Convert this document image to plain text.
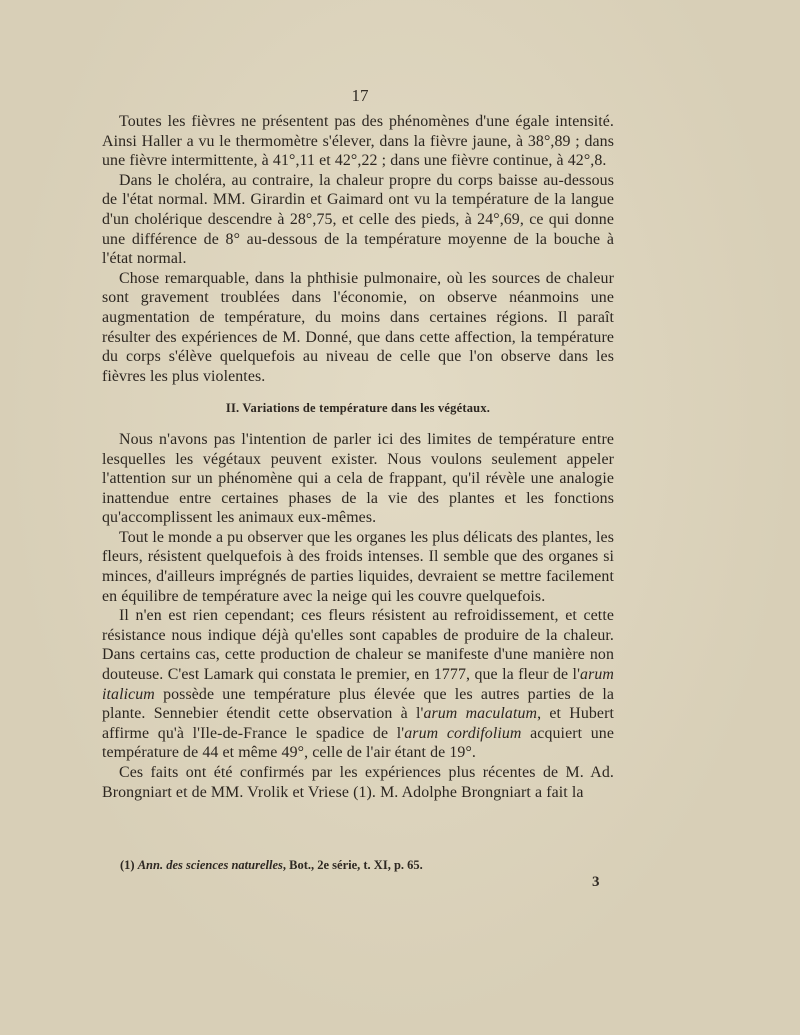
17

Toutes les fièvres ne présentent pas des phénomènes d'une égale intensité. Ainsi Haller a vu le thermomètre s'élever, dans la fièvre jaune, à 38°,89 ; dans une fièvre intermittente, à 41°,11 et 42°,22 ; dans une fièvre continue, à 42°,8.

Dans le choléra, au contraire, la chaleur propre du corps baisse au-dessous de l'état normal. MM. Girardin et Gaimard ont vu la température de la langue d'un cholérique descendre à 28°,75, et celle des pieds, à 24°,69, ce qui donne une différence de 8° au-dessous de la température moyenne de la bouche à l'état normal.

Chose remarquable, dans la phthisie pulmonaire, où les sources de chaleur sont gravement troublées dans l'économie, on observe néanmoins une augmentation de température, du moins dans certaines régions. Il paraît résulter des expériences de M. Donné, que dans cette affection, la température du corps s'élève quelquefois au niveau de celle que l'on observe dans les fièvres les plus violentes.

II. Variations de température dans les végétaux.

Nous n'avons pas l'intention de parler ici des limites de température entre lesquelles les végétaux peuvent exister. Nous voulons seulement appeler l'attention sur un phénomène qui a cela de frappant, qu'il révèle une analogie inattendue entre certaines phases de la vie des plantes et les fonctions qu'accomplissent les animaux eux-mêmes.

Tout le monde a pu observer que les organes les plus délicats des plantes, les fleurs, résistent quelquefois à des froids intenses. Il semble que des organes si minces, d'ailleurs imprégnés de parties liquides, devraient se mettre facilement en équilibre de température avec la neige qui les couvre quelquefois.

Il n'en est rien cependant; ces fleurs résistent au refroidissement, et cette résistance nous indique déjà qu'elles sont capables de produire de la chaleur. Dans certains cas, cette production de chaleur se manifeste d'une manière non douteuse. C'est Lamark qui constata le premier, en 1777, que la fleur de l'arum italicum possède une température plus élevée que les autres parties de la plante. Sennebier étendit cette observation à l'arum maculatum, et Hubert affirme qu'à l'Ile-de-France le spadice de l'arum cordifolium acquiert une température de 44 et même 49°, celle de l'air étant de 19°.

Ces faits ont été confirmés par les expériences plus récentes de M. Ad. Brongniart et de MM. Vrolik et Vriese (1). M. Adolphe Brongniart a fait la

(1) Ann. des sciences naturelles, Bot., 2e série, t. XI, p. 65.
3
